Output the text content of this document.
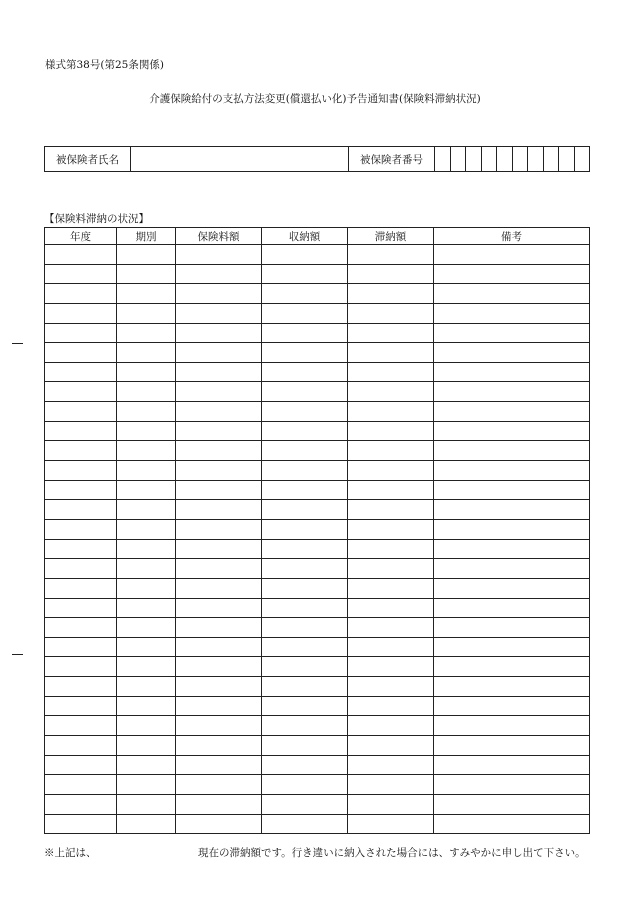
様式第38号(第25条関係)
介護保険給付の支払方法変更(償還払い化)予告通知書(保険料滞納状況)
被保険者氏名		被保険者番号										
【保険料滞納の状況】
年度	期別	保険料額	収納額	滞納額	備考

※上記は、	現在の滞納額です。行き違いに納入された場合には、すみやかに申し出て下さい。
